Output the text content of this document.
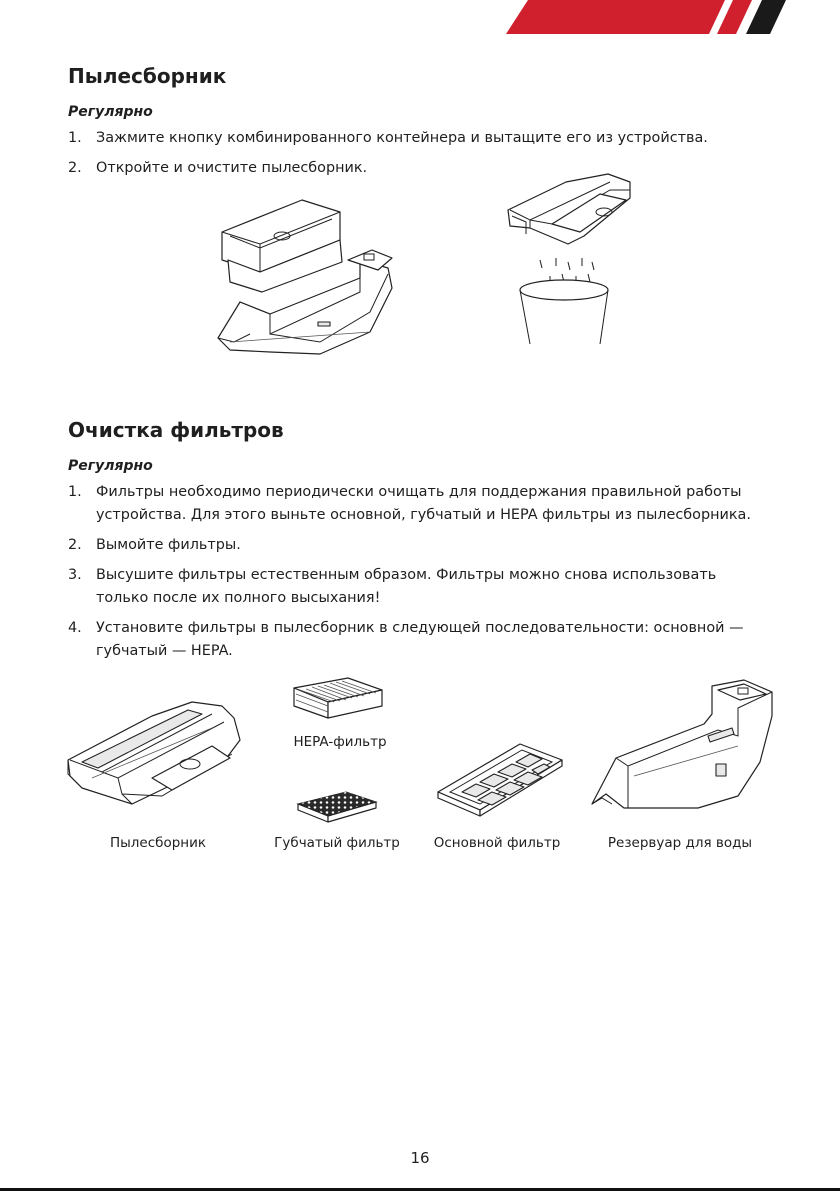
Пылесборник

Регулярно

1. Зажмите кнопку комбинированного контейнера и вытащите его из устройства.
2. Откройте и очистите пылесборник.
Очистка фильтров

Регулярно

1. Фильтры необходимо периодически очищать для поддержания правильной работы устройства. Для этого выньте основной, губчатый и HEPA фильтры из пылесборника.
2. Вымойте фильтры.
3. Высушите фильтры естественным образом. Фильтры можно снова использовать только после их полного высыхания!
4. Установите фильтры в пылесборник в следующей последовательности: основной — губчатый — HEPA.
Пылесборник
HEPA-фильтр
Губчатый фильтр	Основной фильтр	Резервуар для воды
16
